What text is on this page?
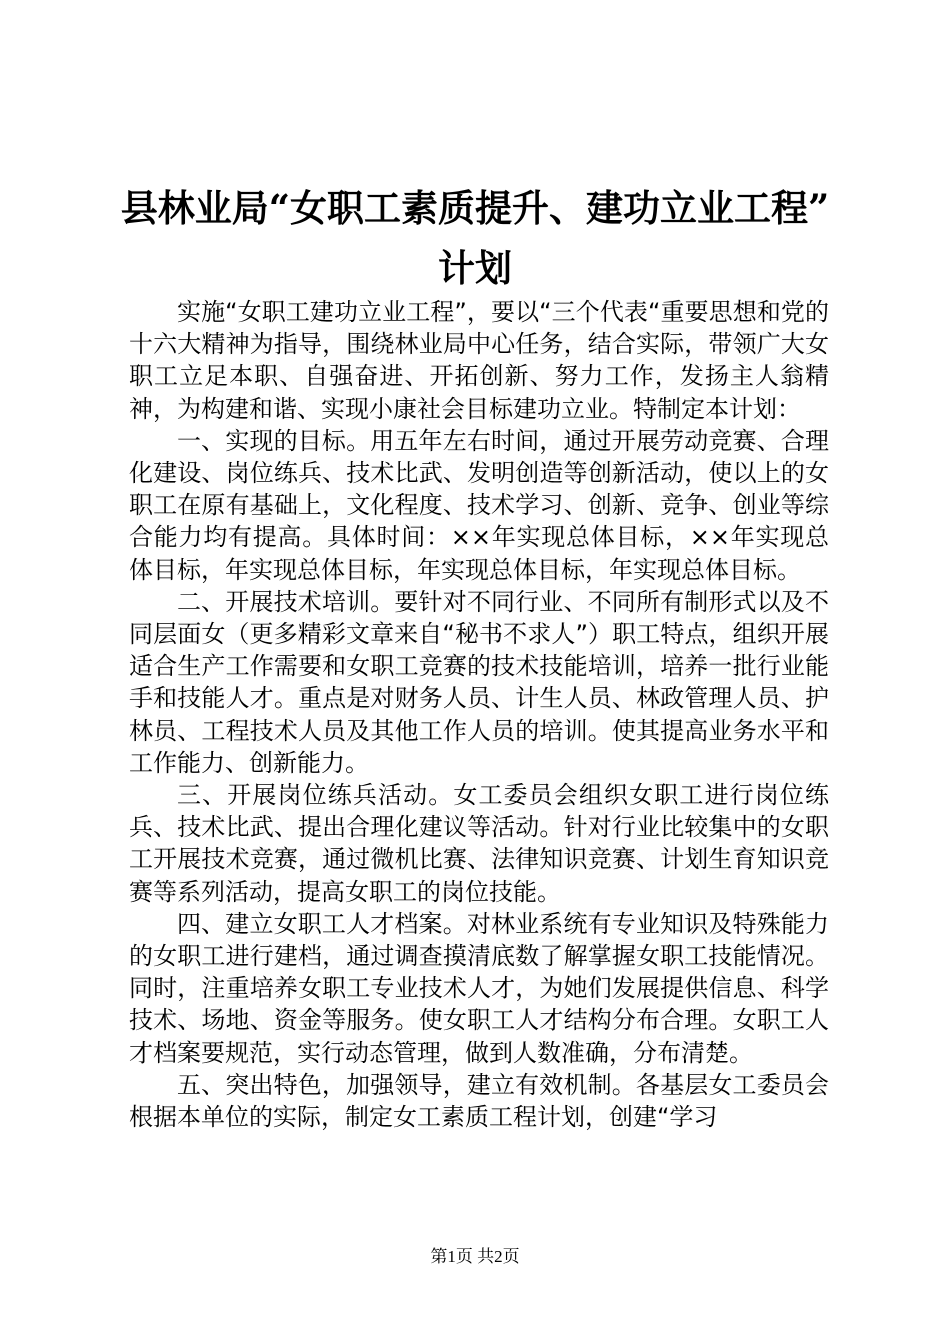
县林业局“女职工素质提升、建功立业工程”
计划

实施“女职工建功立业工程”，要以“三个代表“重要思想和党的十六大精神为指导，围绕林业局中心任务，结合实际，带领广大女职工立足本职、自强奋进、开拓创新、努力工作，发扬主人翁精神，为构建和谐、实现小康社会目标建功立业。特制定本计划：

一、实现的目标。用五年左右时间，通过开展劳动竞赛、合理化建设、岗位练兵、技术比武、发明创造等创新活动，使以上的女职工在原有基础上，文化程度、技术学习、创新、竞争、创业等综合能力均有提高。具体时间：××年实现总体目标，××年实现总体目标，年实现总体目标，年实现总体目标，年实现总体目标。

二、开展技术培训。要针对不同行业、不同所有制形式以及不同层面女（更多精彩文章来自“秘书不求人”）职工特点，组织开展适合生产工作需要和女职工竞赛的技术技能培训，培养一批行业能手和技能人才。重点是对财务人员、计生人员、林政管理人员、护林员、工程技术人员及其他工作人员的培训。使其提高业务水平和工作能力、创新能力。

三、开展岗位练兵活动。女工委员会组织女职工进行岗位练兵、技术比武、提出合理化建议等活动。针对行业比较集中的女职工开展技术竞赛，通过微机比赛、法律知识竞赛、计划生育知识竞赛等系列活动，提高女职工的岗位技能。

四、建立女职工人才档案。对林业系统有专业知识及特殊能力的女职工进行建档，通过调查摸清底数了解掌握女职工技能情况。同时，注重培养女职工专业技术人才，为她们发展提供信息、科学技术、场地、资金等服务。使女职工人才结构分布合理。女职工人才档案要规范，实行动态管理，做到人数准确，分布清楚。

五、突出特色，加强领导，建立有效机制。各基层女工委员会根据本单位的实际，制定女工素质工程计划，创建“学习

第1页 共2页
